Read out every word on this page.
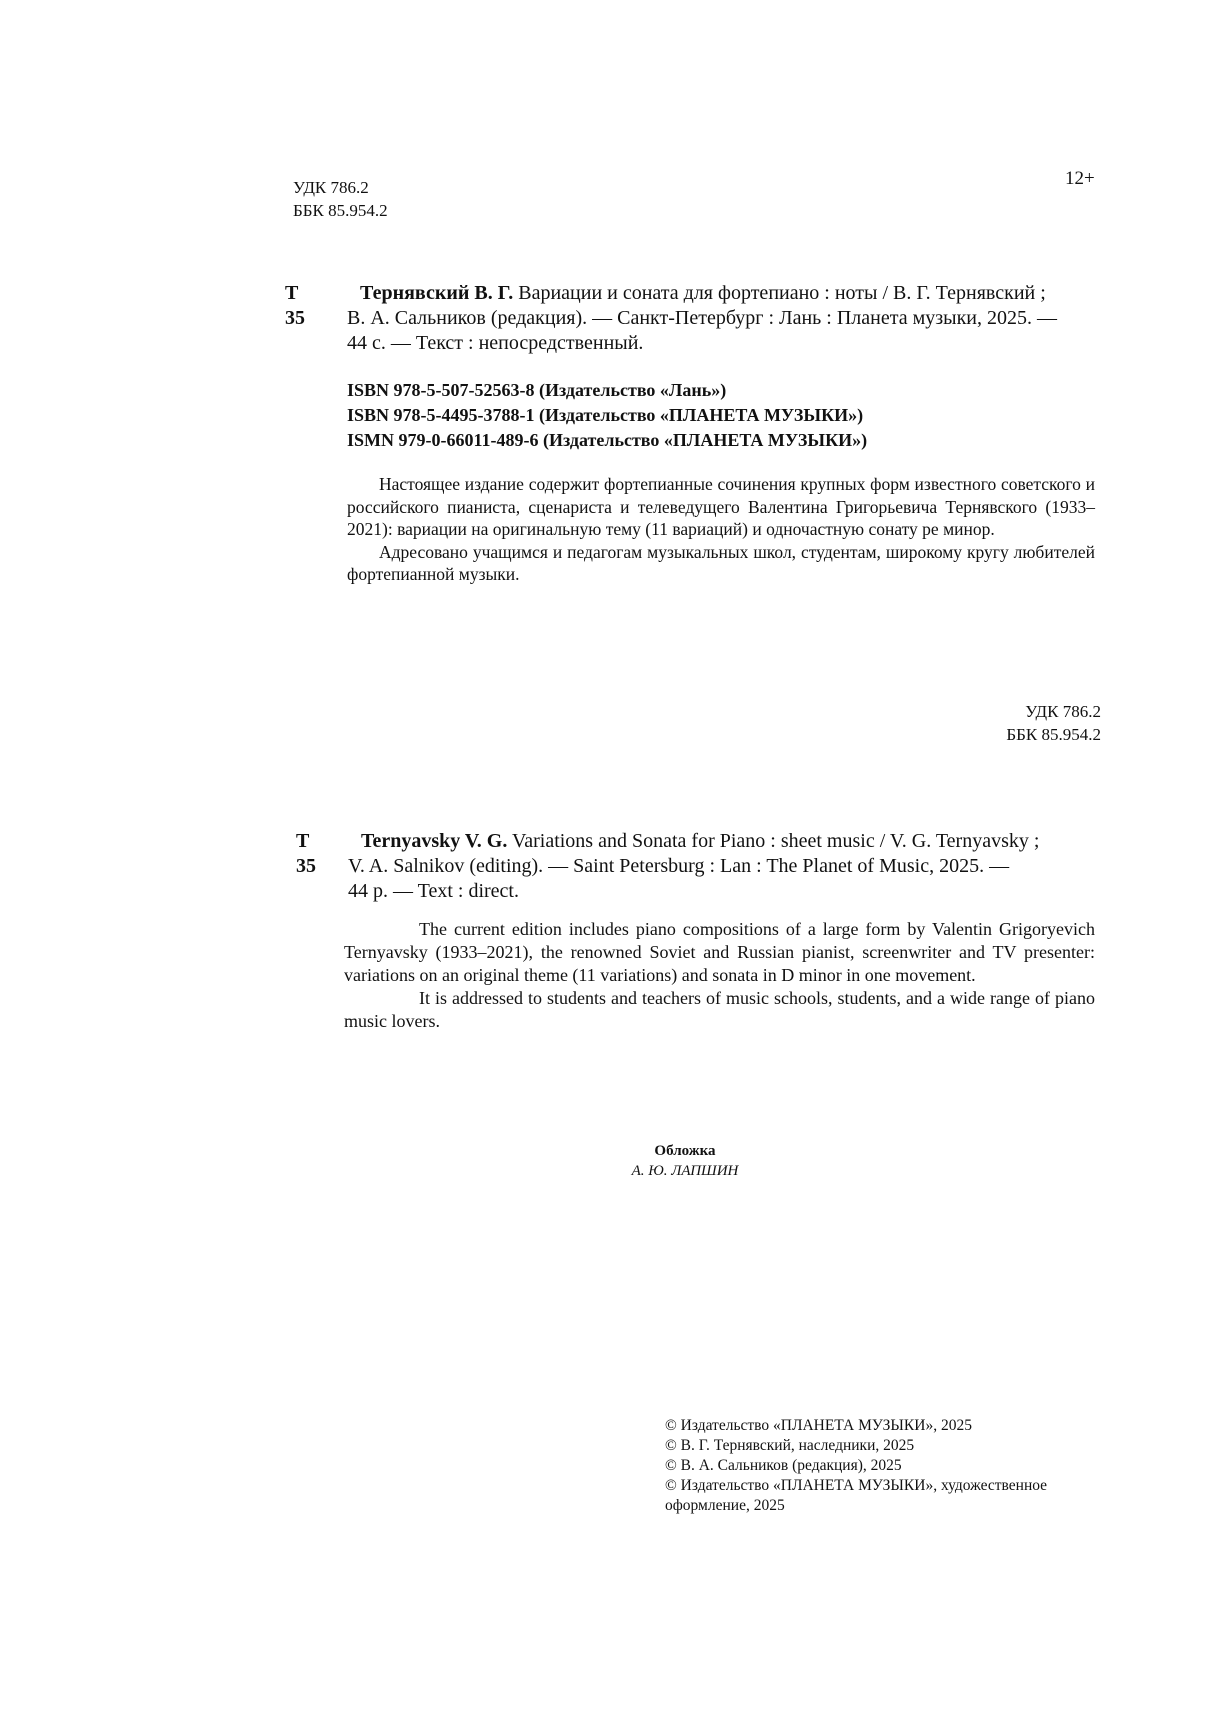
12+
УДК 786.2
ББК 85.954.2
Т 35
Тернявский В. Г. Вариации и соната для фортепиано : ноты / В. Г. Тернявский ;
В. А. Сальников (редакция). — Санкт-Петербург : Лань : Планета музыки, 2025. —
44 с. — Текст : непосредственный.
ISBN 978-5-507-52563-8 (Издательство «Лань»)
ISBN 978-5-4495-3788-1 (Издательство «ПЛАНЕТА МУЗЫКИ»)
ISMN 979-0-66011-489-6 (Издательство «ПЛАНЕТА МУЗЫКИ»)

Настоящее издание содержит фортепианные сочинения крупных форм известного советского и российского пианиста, сценариста и телеведущего Валентина Григорьевича Тернявского (1933–2021): вариации на оригинальную тему (11 вариаций) и одночастную сонату ре минор.

Адресовано учащимся и педагогам музыкальных школ, студентам, широкому кругу любителей фортепианной музыки.

УДК 786.2
ББК 85.954.2
T 35
Ternyavsky V. G. Variations and Sonata for Piano : sheet music / V. G. Ternyavsky ;
V. A. Salnikov (editing). — Saint Petersburg : Lan : The Planet of Music, 2025. —
44 p. — Text : direct.

The current edition includes piano compositions of a large form by Valentin Grigoryevich Ternyavsky (1933–2021), the renowned Soviet and Russian pianist, screenwriter and TV presenter: variations on an original theme (11 variations) and sonata in D minor in one movement.

It is addressed to students and teachers of music schools, students, and a wide range of piano music lovers.

Обложка
А. Ю. ЛАПШИН
© Издательство «ПЛАНЕТА МУЗЫКИ», 2025
© В. Г. Тернявский, наследники, 2025
© В. А. Сальников (редакция), 2025
© Издательство «ПЛАНЕТА МУЗЫКИ», художественное оформление, 2025
